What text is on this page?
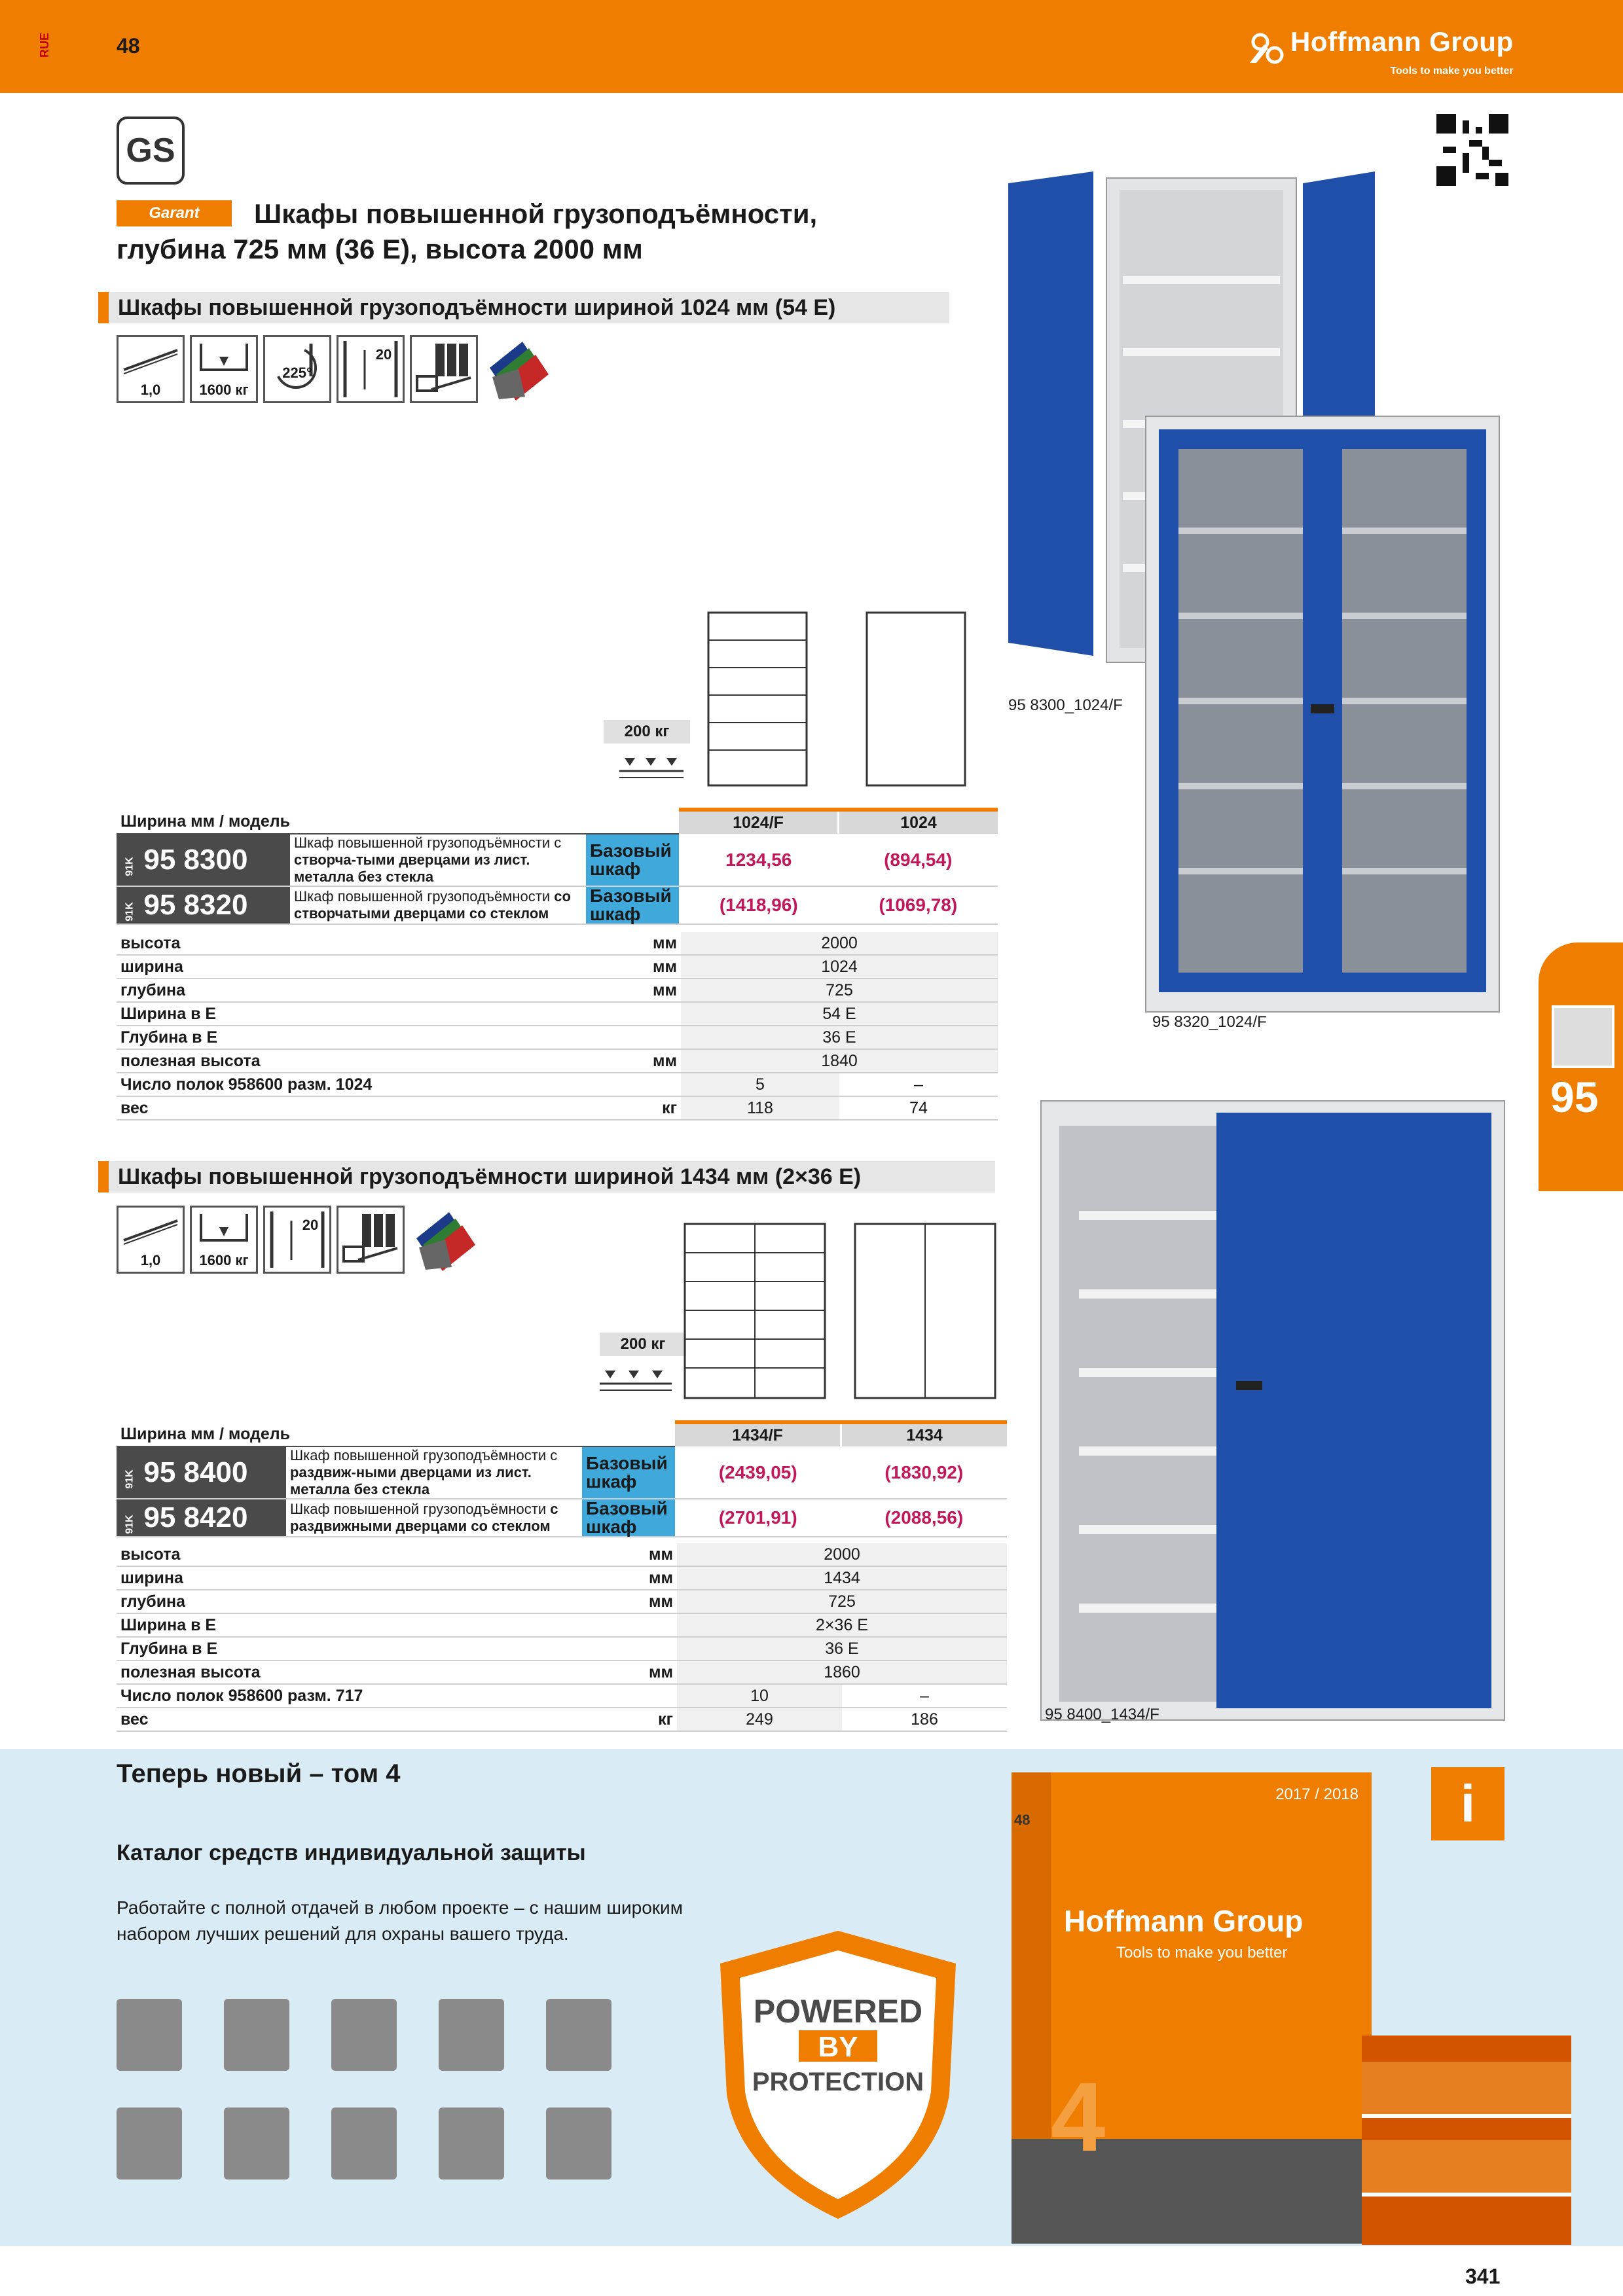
RUE	48	Hoffmann Group
Tools to make you better
GS
Garant	Шкафы повышенной грузоподъёмности, глубина 725 мм (36 E), высота 2000 мм
Шкафы повышенной грузоподъёмности шириной 1024 мм (54 E)
1,0	1600 кг
225°
20
200 кг
Ширина мм / модель			1024/F	1024
91K 95 8300	Шкаф повышенной грузоподъёмности с створча-тыми дверцами из лист. металла без стекла	Базовый шкаф	1234,56	(894,54)
91K 95 8320	Шкаф повышенной грузоподъёмности со створчатыми дверцами со стеклом	Базовый шкаф	(1418,96)	(1069,78)
высота	мм	2000	
ширина	мм	1024	
глубина	мм	725	
Ширина в E		54 E	
Глубина в E		36 E	
полезная высота	мм	1840	
Число полок 958600 разм. 1024		5	–
вес	кг	118	74
Шкафы повышенной грузоподъёмности шириной 1434 мм (2×36 E)
1,0	1600 кг
20
200 кг
Ширина мм / модель			1434/F	1434
91K 95 8400	Шкаф повышенной грузоподъёмности с раздвиж-ными дверцами из лист. металла без стекла	Базовый шкаф	(2439,05)	(1830,92)
91K 95 8420	Шкаф повышенной грузоподъёмности с раздвижными дверцами со стеклом	Базовый шкаф	(2701,91)	(2088,56)
высота	мм	2000	
ширина	мм	1434	
глубина	мм	725	
Ширина в E		2×36 E	
Глубина в E		36 E	
полезная высота	мм	1860	
Число полок 958600 разм. 717		10	–
вес	кг	249	186
95 8300_1024/F
95 8320_1024/F
95 8400_1434/F
95
Теперь новый – том 4
Каталог средств индивидуальной защиты
Работайте с полной отдачей в любом проекте – с нашим широким набором лучших решений для охраны вашего труда.
i
POWERED
BY
PROTECTION
2017 / 2018
48
Hoffmann Group
Tools to make you better
4
341
